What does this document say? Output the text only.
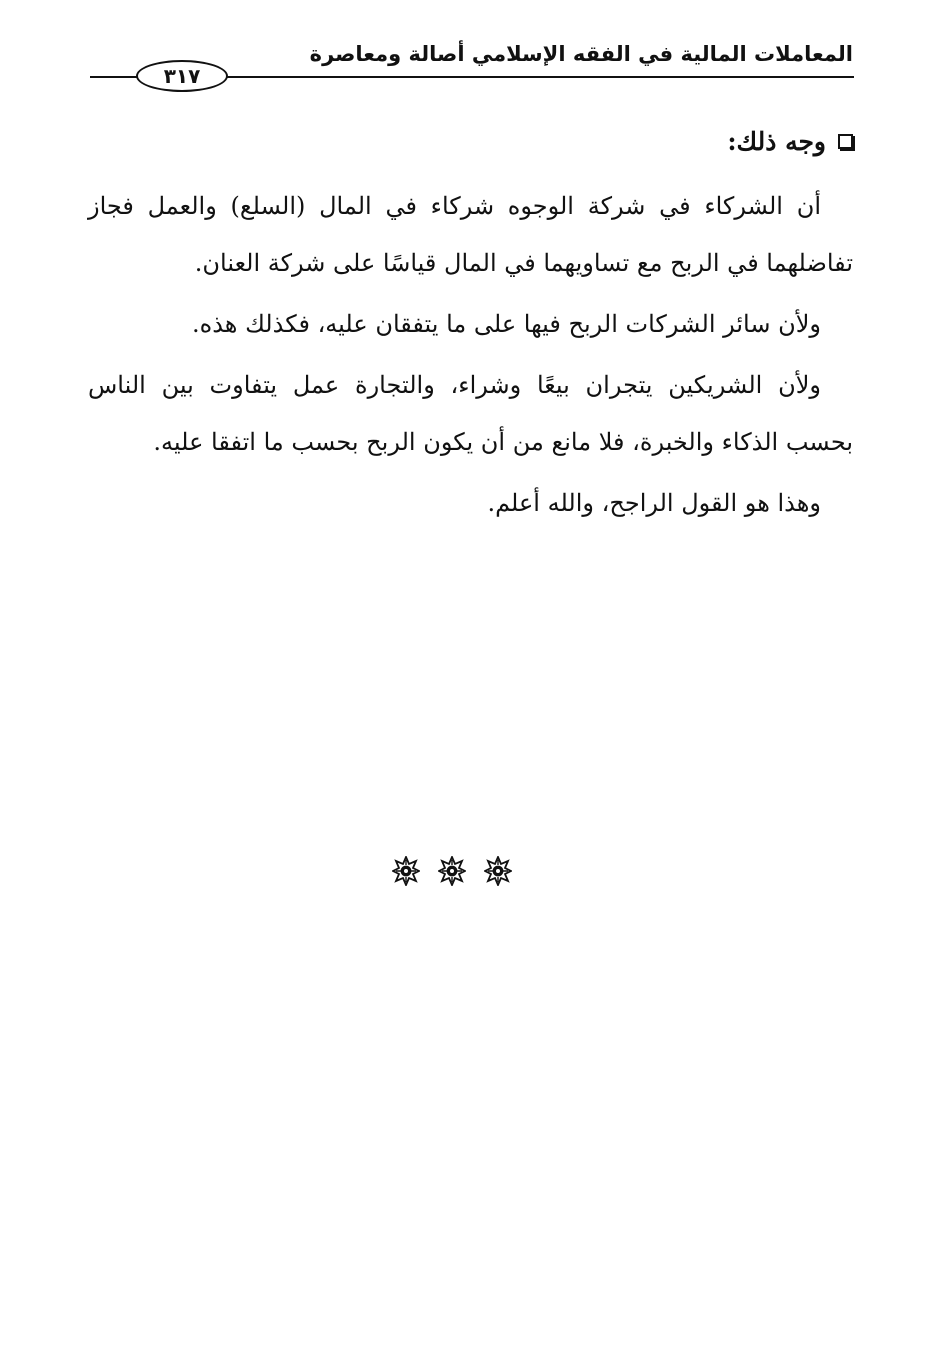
المعاملات المالية في الفقه الإسلامي أصالة ومعاصرة
٣١٧
وجه ذلك:

أن الشركاء في شركة الوجوه شركاء في المال (السلع) والعمل فجاز تفاضلهما في الربح مع تساويهما في المال قياسًا على شركة العنان.

ولأن سائر الشركات الربح فيها على ما يتفقان عليه، فكذلك هذه.

ولأن الشريكين يتجران بيعًا وشراء، والتجارة عمل يتفاوت بين الناس بحسب الذكاء والخبرة، فلا مانع من أن يكون الربح بحسب ما اتفقا عليه.

وهذا هو القول الراجح، والله أعلم.
